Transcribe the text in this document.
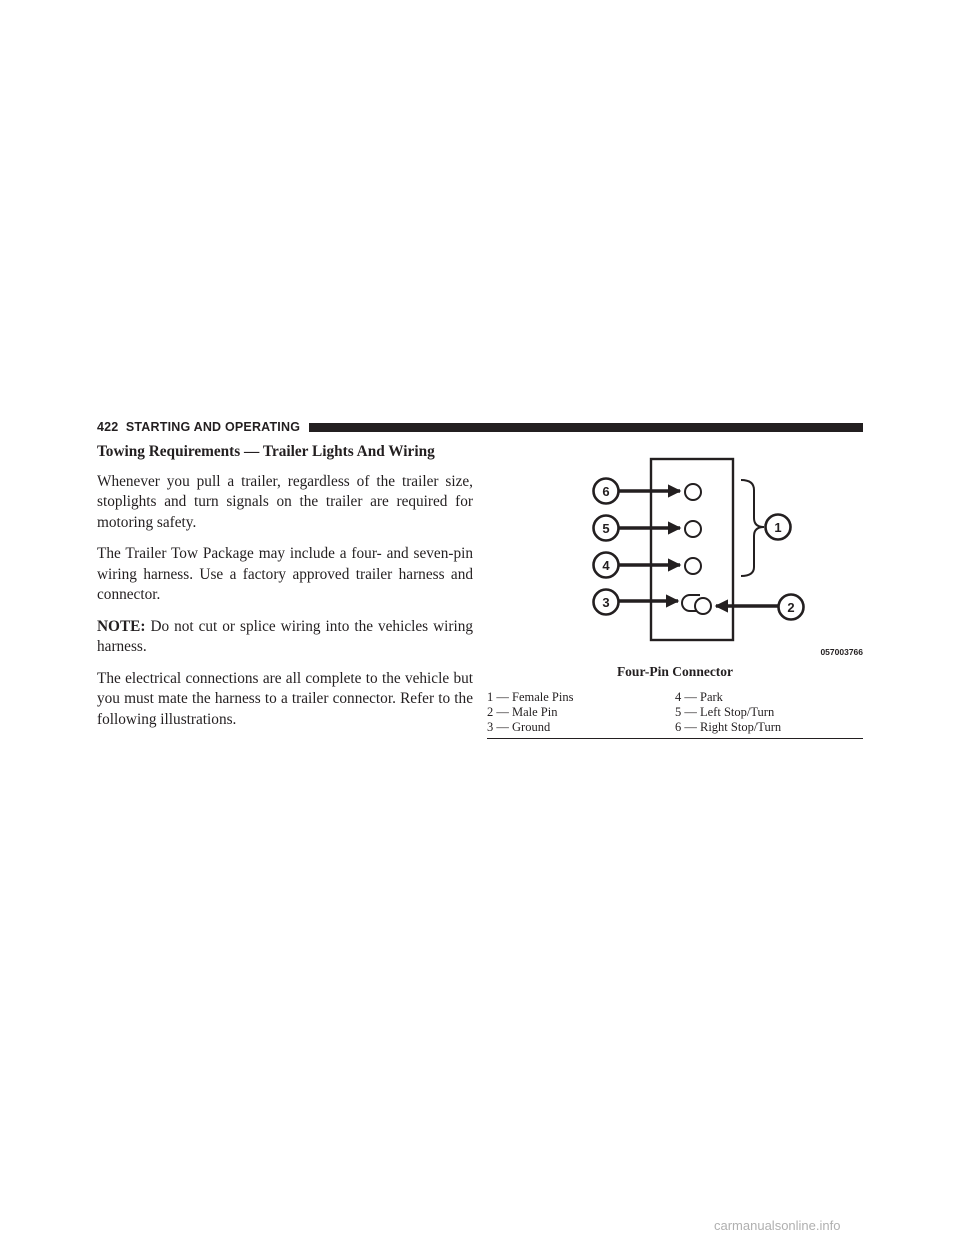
422 STARTING AND OPERATING
Towing Requirements — Trailer Lights And Wiring

Whenever you pull a trailer, regardless of the trailer size, stoplights and turn signals on the trailer are required for motoring safety.

The Trailer Tow Package may include a four- and seven-pin wiring harness. Use a factory approved trailer harness and connector.

NOTE: Do not cut or splice wiring into the vehicles wiring harness.

The electrical connections are all complete to the vehicle but you must mate the harness to a trailer connector. Refer to the following illustrations.

6
5
4
3
1
2
057003766
Four-Pin Connector
1 — Female Pins	4 — Park
2 — Male Pin	5 — Left Stop/Turn
3 — Ground	6 — Right Stop/Turn
carmanualsonline.info
